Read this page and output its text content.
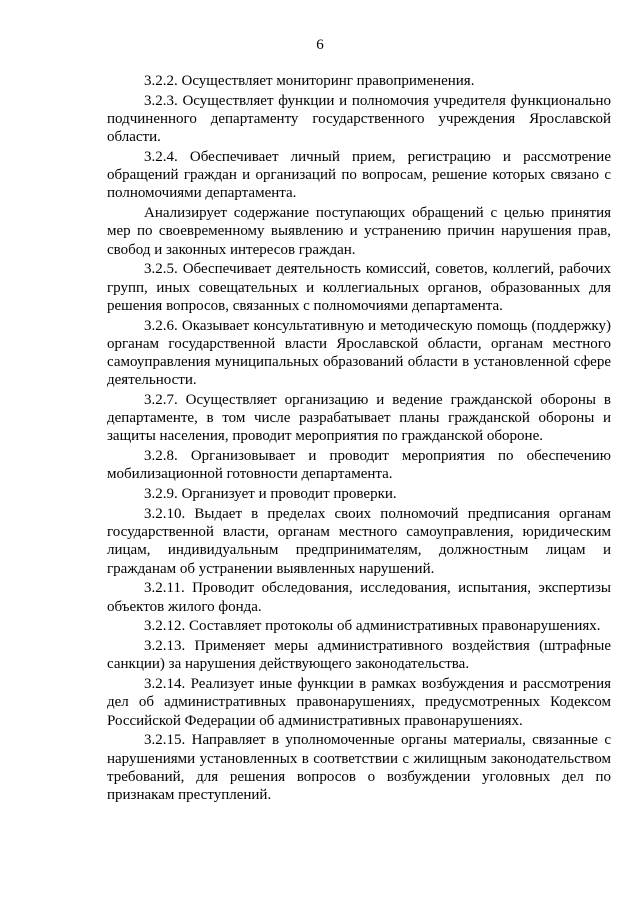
6

3.2.2. Осуществляет мониторинг правоприменения.

3.2.3. Осуществляет функции и полномочия учредителя функционально подчиненного департаменту государственного учреждения Ярославской области.

3.2.4. Обеспечивает личный прием, регистрацию и рассмотрение обращений граждан и организаций по вопросам, решение которых связано с полномочиями департамента.

Анализирует содержание поступающих обращений с целью принятия мер по своевременному выявлению и устранению причин нарушения прав, свобод и законных интересов граждан.

3.2.5. Обеспечивает деятельность комиссий, советов, коллегий, рабочих групп, иных совещательных и коллегиальных органов, образованных для решения вопросов, связанных с полномочиями департамента.

3.2.6. Оказывает консультативную и методическую помощь (поддержку) органам государственной власти Ярославской области, органам местного самоуправления муниципальных образований области в установленной сфере деятельности.

3.2.7. Осуществляет организацию и ведение гражданской обороны в департаменте, в том числе разрабатывает планы гражданской обороны и защиты населения, проводит мероприятия по гражданской обороне.

3.2.8. Организовывает и проводит мероприятия по обеспечению мобилизационной готовности департамента.

3.2.9. Организует и проводит проверки.

3.2.10. Выдает в пределах своих полномочий предписания органам государственной власти, органам местного самоуправления, юридическим лицам, индивидуальным предпринимателям, должностным лицам и гражданам об устранении выявленных нарушений.

3.2.11. Проводит обследования, исследования, испытания, экспертизы объектов жилого фонда.

3.2.12. Составляет протоколы об административных правонарушениях.

3.2.13. Применяет меры административного воздействия (штрафные санкции) за нарушения действующего законодательства.

3.2.14. Реализует иные функции в рамках возбуждения и рассмотрения дел об административных правонарушениях, предусмотренных Кодексом Российской Федерации об административных правонарушениях.

3.2.15. Направляет в уполномоченные органы материалы, связанные с нарушениями установленных в соответствии с жилищным законодательством требований, для решения вопросов о возбуждении уголовных дел по признакам преступлений.
